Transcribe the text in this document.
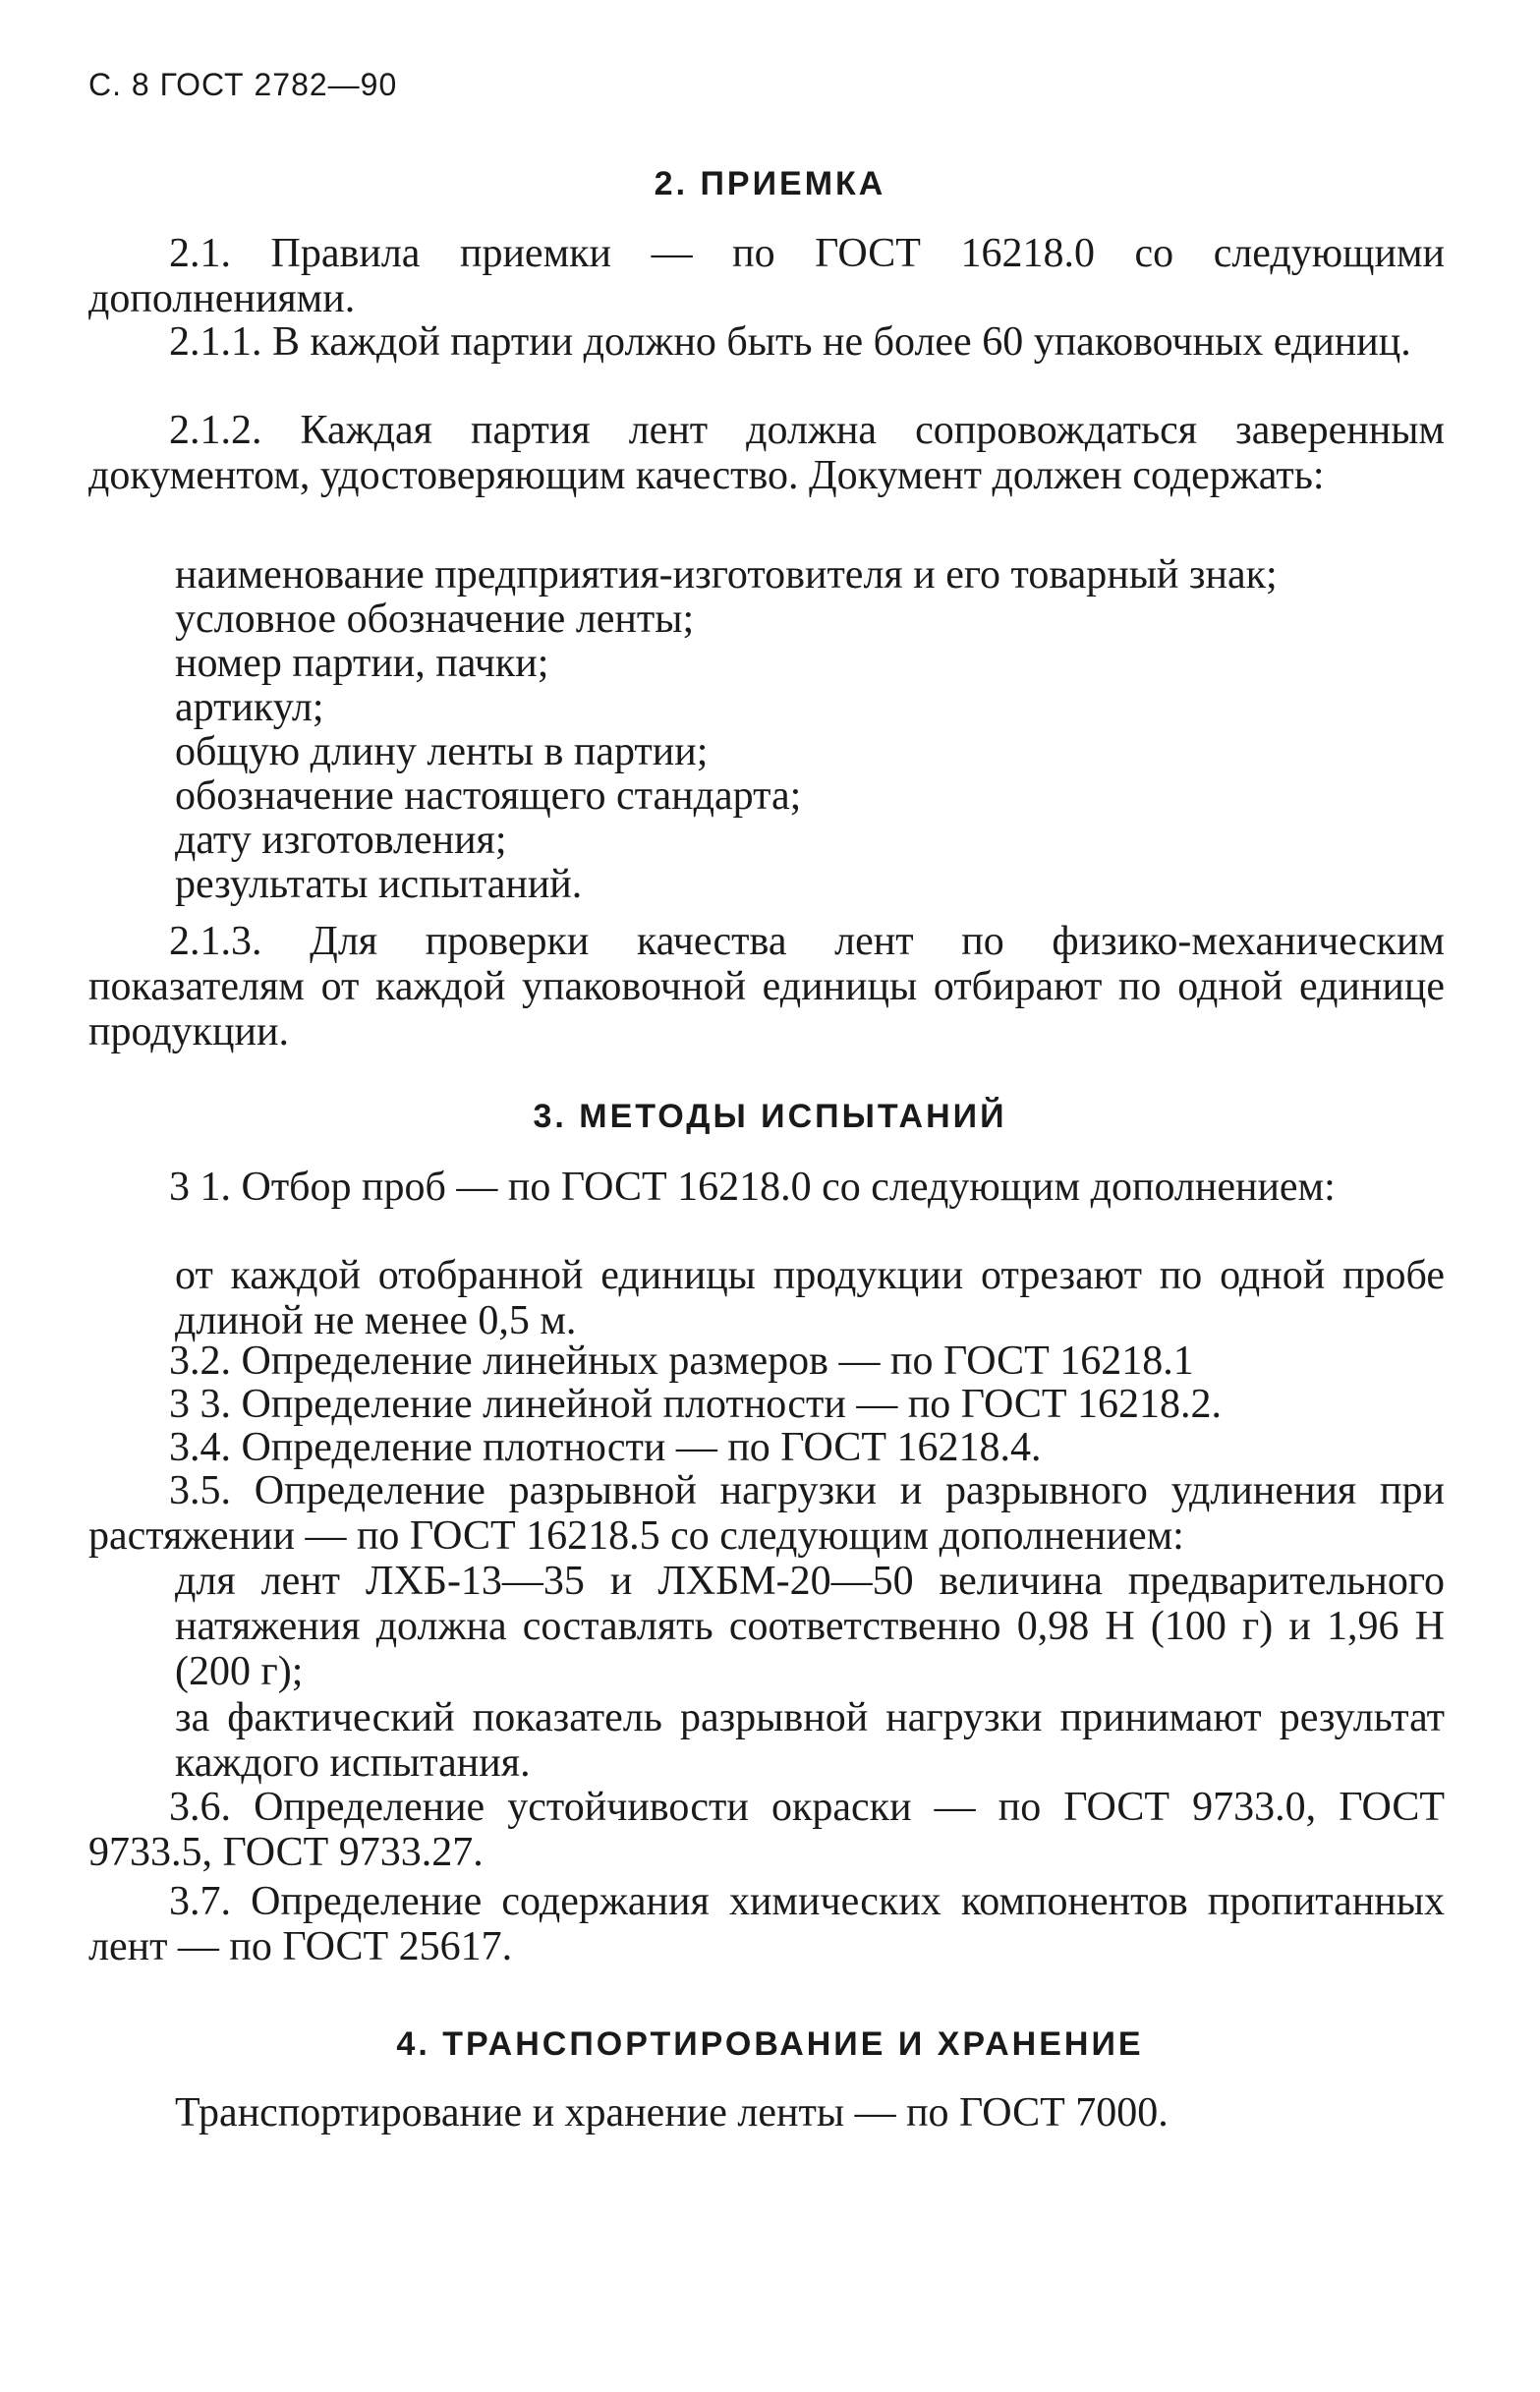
С. 8 ГОСТ 2782—90
2. ПРИЕМКА
2.1. Правила приемки — по ГОСТ 16218.0 со следующими дополнениями.
2.1.1. В каждой партии должно быть не более 60 упаковочных единиц.
2.1.2. Каждая партия лент должна сопровождаться заверенным документом, удостоверяющим качество. Документ должен содержать:
наименование предприятия-изготовителя и его товарный знак;
условное обозначение ленты;
номер партии, пачки;
артикул;
общую длину ленты в партии;
обозначение настоящего стандарта;
дату изготовления;
результаты испытаний.
2.1.3. Для проверки качества лент по физико-механическим показателям от каждой упаковочной единицы отбирают по одной единице продукции.
3. МЕТОДЫ ИСПЫТАНИЙ
3 1. Отбор проб — по ГОСТ 16218.0 со следующим дополнением:
от каждой отобранной единицы продукции отрезают по одной пробе длиной не менее 0,5 м.
3.2. Определение линейных размеров — по ГОСТ 16218.1
3 3. Определение линейной плотности — по ГОСТ 16218.2.
3.4. Определение плотности — по ГОСТ 16218.4.
3.5. Определение разрывной нагрузки и разрывного удлинения при растяжении — по ГОСТ 16218.5 со следующим дополнением:
для лент ЛХБ-13—35 и ЛХБМ-20—50 величина предварительного натяжения должна составлять соответственно 0,98 Н (100 г) и 1,96 Н (200 г);
за фактический показатель разрывной нагрузки принимают результат каждого испытания.
3.6. Определение устойчивости окраски — по ГОСТ 9733.0, ГОСТ 9733.5, ГОСТ 9733.27.
3.7. Определение содержания химических компонентов пропитанных лент — по ГОСТ 25617.
4. ТРАНСПОРТИРОВАНИЕ И ХРАНЕНИЕ
Транспортирование и хранение ленты — по ГОСТ 7000.
